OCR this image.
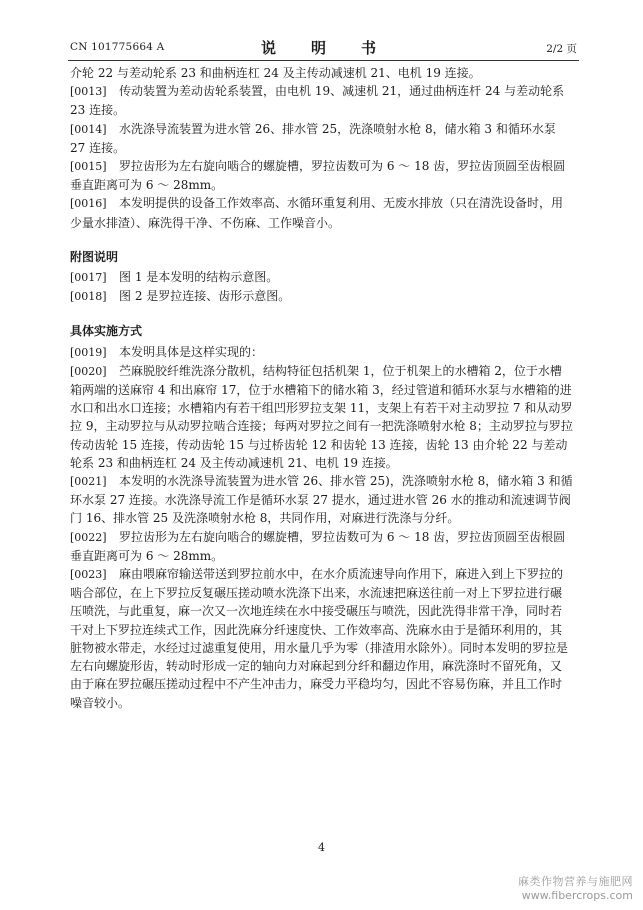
CN 101775664 A	说　明　书	2/2 页

介轮 22 与差动轮系 23 和曲柄连杠 24 及主传动减速机 21、电机 19 连接。

[0013] 传动装置为差动齿轮系装置，由电机 19、减速机 21，通过曲柄连杆 24 与差动轮系 23 连接。

[0014] 水洗涤导流装置为进水管 26、排水管 25，洗涤喷射水枪 8，储水箱 3 和循环水泵 27 连接。

[0015] 罗拉齿形为左右旋向啮合的螺旋槽，罗拉齿数可为 6 ～ 18 齿，罗拉齿顶圆至齿根圆垂直距离可为 6 ～ 28mm。

[0016] 本发明提供的设备工作效率高、水循环重复利用、无废水排放（只在清洗设备时，用少量水排渣）、麻洗得干净、不伤麻、工作噪音小。

附图说明

[0017] 图 1 是本发明的结构示意图。

[0018] 图 2 是罗拉连接、齿形示意图。

具体实施方式

[0019] 本发明具体是这样实现的：

[0020] 苎麻脱胶纤维洗涤分散机，结构特征包括机架 1，位于机架上的水槽箱 2，位于水槽箱两端的送麻帘 4 和出麻帘 17，位于水槽箱下的储水箱 3，经过管道和循环水泵与水槽箱的进水口和出水口连接；水槽箱内有若干组凹形罗拉支架 11，支架上有若干对主动罗拉 7 和从动罗拉 9，主动罗拉与从动罗拉啮合连接；每两对罗拉之间有一把洗涤喷射水枪 8；主动罗拉与罗拉传动齿轮 15 连接，传动齿轮 15 与过桥齿轮 12 和齿轮 13 连接，齿轮 13 由介轮 22 与差动轮系 23 和曲柄连杠 24 及主传动减速机 21、电机 19 连接。

[0021] 本发明的水洗涤导流装置为进水管 26、排水管 25)，洗涤喷射水枪 8，储水箱 3 和循环水泵 27 连接。水洗涤导流工作是循环水泵 27 提水，通过进水管 26 水的推动和流速调节阀门 16、排水管 25 及洗涤喷射水枪 8，共同作用，对麻进行洗涤与分纤。

[0022] 罗拉齿形为左右旋向啮合的螺旋槽，罗拉齿数可为 6 ～ 18 齿，罗拉齿顶圆至齿根圆垂直距离可为 6 ～ 28mm。

[0023] 麻由喂麻帘输送带送到罗拉前水中，在水介质流速导向作用下，麻进入到上下罗拉的啮合部位，在上下罗拉反复碾压搓动喷水洗涤下出来，水流速把麻送往前一对上下罗拉进行碾压喷洗，与此重复，麻一次又一次地连续在水中接受碾压与喷洗，因此洗得非常干净，同时若干对上下罗拉连续式工作，因此洗麻分纤速度快、工作效率高、洗麻水由于是循环利用的，其脏物被水带走，水经过过滤重复使用，用水量几乎为零（排渣用水除外）。同时本发明的罗拉是左右向螺旋形齿，转动时形成一定的轴向力对麻起到分纤和翻边作用，麻洗涤时不留死角，又由于麻在罗拉碾压搓动过程中不产生冲击力，麻受力平稳均匀，因此不容易伤麻，并且工作时噪音较小。

4
麻类作物营养与施肥网
www.fibercrops.com
